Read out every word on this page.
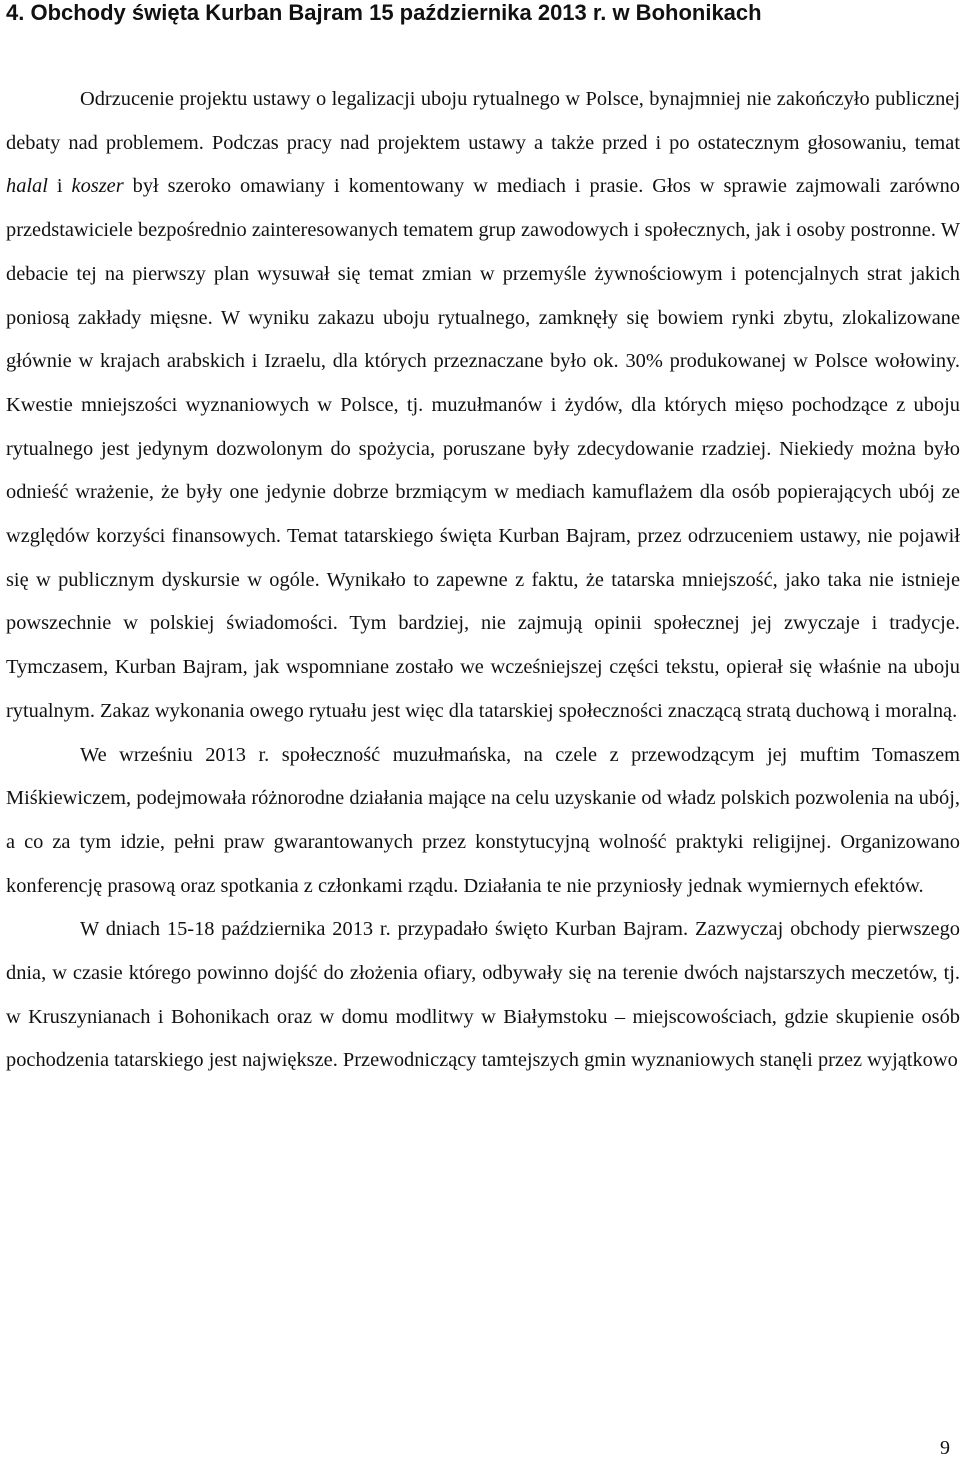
4. Obchody święta Kurban Bajram 15 października 2013 r. w Bohonikach

Odrzucenie projektu ustawy o legalizacji uboju rytualnego w Polsce, bynajmniej nie zakończyło publicznej debaty nad problemem. Podczas pracy nad projektem ustawy a także przed i po ostatecznym głosowaniu, temat halal i koszer był szeroko omawiany i komentowany w mediach i prasie. Głos w sprawie zajmowali zarówno przedstawiciele bezpośrednio zainteresowanych tematem grup zawodowych i społecznych, jak i osoby postronne. W debacie tej na pierwszy plan wysuwał się temat zmian w przemyśle żywnościowym i potencjalnych strat jakich poniosą zakłady mięsne. W wyniku zakazu uboju rytualnego, zamknęły się bowiem rynki zbytu, zlokalizowane głównie w krajach arabskich i Izraelu, dla których przeznaczane było ok. 30% produkowanej w Polsce wołowiny. Kwestie mniejszości wyznaniowych w Polsce, tj. muzułmanów i żydów, dla których mięso pochodzące z uboju rytualnego jest jedynym dozwolonym do spożycia, poruszane były zdecydowanie rzadziej. Niekiedy można było odnieść wrażenie, że były one jedynie dobrze brzmiącym w mediach kamuflażem dla osób popierających ubój ze względów korzyści finansowych. Temat tatarskiego święta Kurban Bajram, przez odrzuceniem ustawy, nie pojawił się w publicznym dyskursie w ogóle. Wynikało to zapewne z faktu, że tatarska mniejszość, jako taka nie istnieje powszechnie w polskiej świadomości. Tym bardziej, nie zajmują opinii społecznej jej zwyczaje i tradycje. Tymczasem, Kurban Bajram, jak wspomniane zostało we wcześniejszej części tekstu, opierał się właśnie na uboju rytualnym. Zakaz wykonania owego rytuału jest więc dla tatarskiej społeczności znaczącą stratą duchową i moralną.

We wrześniu 2013 r. społeczność muzułmańska, na czele z przewodzącym jej muftim Tomaszem Miśkiewiczem, podejmowała różnorodne działania mające na celu uzyskanie od władz polskich pozwolenia na ubój, a co za tym idzie, pełni praw gwarantowanych przez konstytucyjną wolność praktyki religijnej. Organizowano konferencję prasową oraz spotkania z członkami rządu. Działania te nie przyniosły jednak wymiernych efektów.

W dniach 15-18 października 2013 r. przypadało święto Kurban Bajram. Zazwyczaj obchody pierwszego dnia, w czasie którego powinno dojść do złożenia ofiary, odbywały się na terenie dwóch najstarszych meczetów, tj. w Kruszynianach i Bohonikach oraz w domu modlitwy w Białymstoku – miejscowościach, gdzie skupienie osób pochodzenia tatarskiego jest największe. Przewodniczący tamtejszych gmin wyznaniowych stanęli przez wyjątkowo

9
